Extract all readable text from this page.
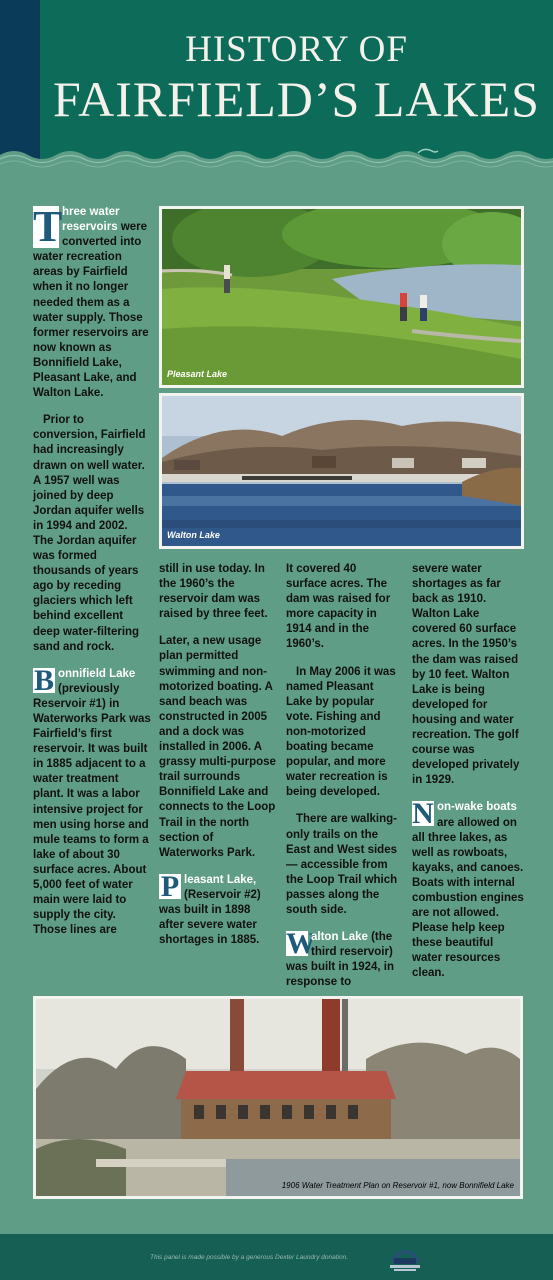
HISTORY OF
FAIRFIELD’S LAKES
Pleasant Lake
Walton Lake

T hree water reservoirs were converted into water recreation areas by Fairfield when it no longer needed them as a water supply. Those former reservoirs are now known as Bonnifield Lake, Pleasant Lake, and Walton Lake.

Prior to conversion, Fairfield had increasingly drawn on well water. A 1957 well was joined by deep Jordan aquifer wells in 1994 and 2002. The Jordan aquifer was formed thousands of years ago by receding glaciers which left behind excellent deep water-filtering sand and rock.

B onnifield Lake (previously Reservoir #1) in Waterworks Park was Fairfield’s first reservoir. It was built in 1885 adjacent to a water treatment plant. It was a labor intensive project for men using horse and mule teams to form a lake of about 30 surface acres. About 5,000 feet of water main were laid to supply the city. Those lines are

still in use today. In the 1960’s the reservoir dam was raised by three feet.

Later, a new usage plan permitted swimming and non-motorized boating. A sand beach was constructed in 2005 and a dock was installed in 2006. A grassy multi-purpose trail surrounds Bonnifield Lake and connects to the Loop Trail in the north section of Waterworks Park.

P leasant Lake, (Reservoir #2) was built in 1898 after severe water shortages in 1885.

It covered 40 surface acres. The dam was raised for more capacity in 1914 and in the 1960’s.

In May 2006 it was named Pleasant Lake by popular vote. Fishing and non-motorized boating became popular, and more water recreation is being developed.

There are walking-only trails on the East and West sides — accessible from the Loop Trail which passes along the south side.

W
alton Lake (the third reservoir) was built in 1924, in response to

severe water shortages as far back as 1910. Walton Lake covered 60 surface acres. In the 1950’s the dam was raised by 10 feet. Walton Lake is being developed for housing and water recreation. The golf course was developed privately in 1929.

N on-wake boats are allowed on all three lakes, as well as rowboats, kayaks, and canoes. Boats with internal combustion engines are not allowed. Please help keep these beautiful water resources clean.

1906 Water Treatment Plan on Reservoir #1, now Bonnifield Lake
This panel is made possible by a generous Dexter Laundry donation.
